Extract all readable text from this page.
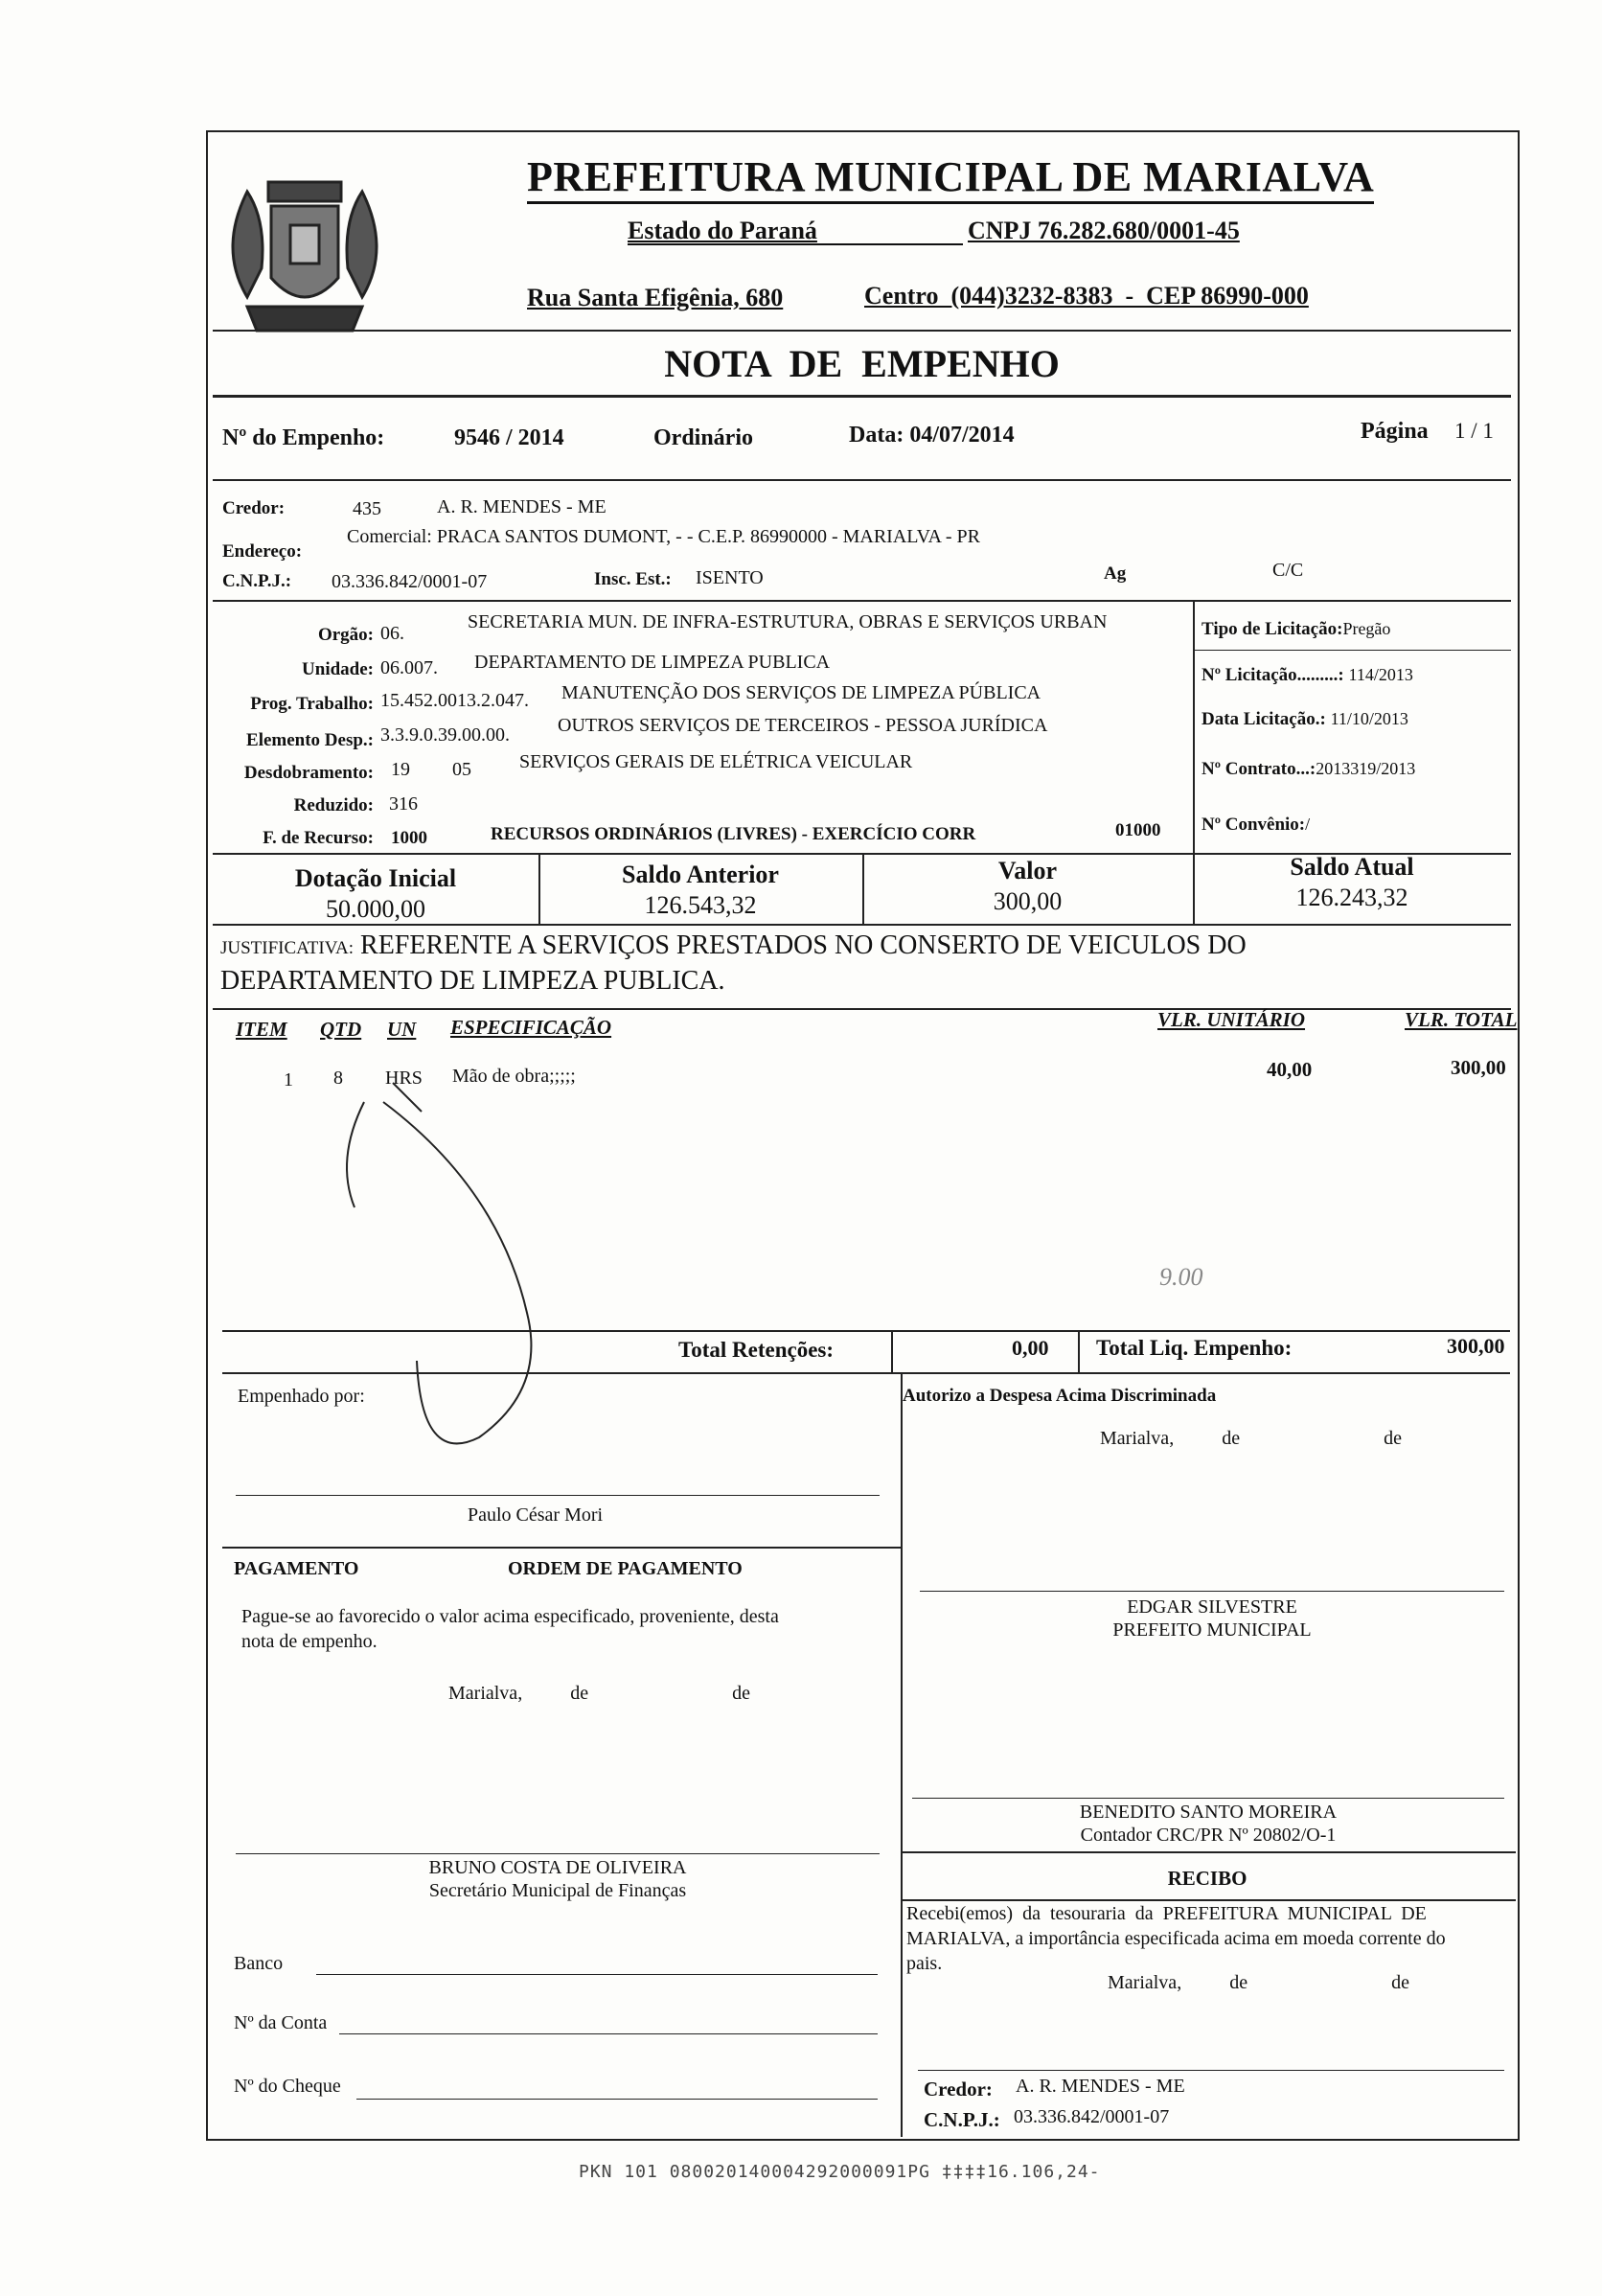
PREFEITURA MUNICIPAL DE MARIALVA
Estado do Paraná	CNPJ 76.282.680/0001-45
Rua Santa Efigênia, 680	Centro  (044)3232-8383  -  CEP 86990-000
NOTA  DE  EMPENHO
Nº do Empenho:	9546 / 2014	Ordinário	Data: 04/07/2014	Página 1 / 1
Credor:	435	A. R. MENDES - ME
Endereço:
Comercial: PRACA SANTOS DUMONT, - - C.E.P. 86990000 - MARIALVA - PR
C.N.P.J.: 03.336.842/0001-07	Insc. Est.: ISENTO	Ag	C/C
Orgão: 06.
SECRETARIA MUN. DE INFRA-ESTRUTURA, OBRAS E SERVIÇOS URBAN
Unidade: 06.007. DEPARTAMENTO DE LIMPEZA PUBLICA
Prog. Trabalho: 15.452.0013.2.047. MANUTENÇÃO DOS SERVIÇOS DE LIMPEZA PÚBLICA
Elemento Desp.: 3.3.9.0.39.00.00.	OUTROS SERVIÇOS DE TERCEIROS - PESSOA JURÍDICA
Desdobramento: 19 05	SERVIÇOS GERAIS DE ELÉTRICA VEICULAR
Reduzido: 316
F. de Recurso: 1000	RECURSOS ORDINÁRIOS (LIVRES) - EXERCÍCIO CORR	01000
Tipo de Licitação:Pregão
Nº Licitação.........: 114/2013
Data Licitação.: 11/10/2013
Nº Contrato...:2013319/2013
Nº Convênio:/
Dotação Inicial
50.000,00
Saldo Anterior
126.543,32
Valor
300,00
Saldo Atual
126.243,32
JUSTIFICATIVA: REFERENTE A SERVIÇOS PRESTADOS NO CONSERTO DE VEICULOS DO
DEPARTAMENTO DE LIMPEZA PUBLICA.
ITEM QTD UN ESPECIFICAÇÃO	VLR. UNITÁRIO	VLR. TOTAL
1 8 HRS Mão de obra;;;;;	40,00	300,00
9.00
Total Retenções:	0,00 Total Liq. Empenho:	300,00
Empenhado por:
Paulo César Mori
PAGAMENTO	ORDEM DE PAGAMENTO
Pague-se ao favorecido o valor acima especificado, proveniente, desta
nota de empenho.
Marialva,          de                              de
BRUNO COSTA DE OLIVEIRA
Secretário Municipal de Finanças
Banco
Nº da Conta
Nº do Cheque
Autorizo a Despesa Acima Discriminada
Marialva,          de                              de
EDGAR SILVESTRE
PREFEITO MUNICIPAL
BENEDITO SANTO MOREIRA
Contador CRC/PR Nº 20802/O-1
RECIBO
Recebi(emos)  da  tesouraria  da  PREFEITURA  MUNICIPAL  DE
MARIALVA, a importância especificada acima em moeda corrente do
pais.
Marialva,          de                              de
Credor: A. R. MENDES - ME
C.N.P.J.: 03.336.842/0001-07
PKN 101 080020140004292000091PG ‡‡‡‡16.106,24-
